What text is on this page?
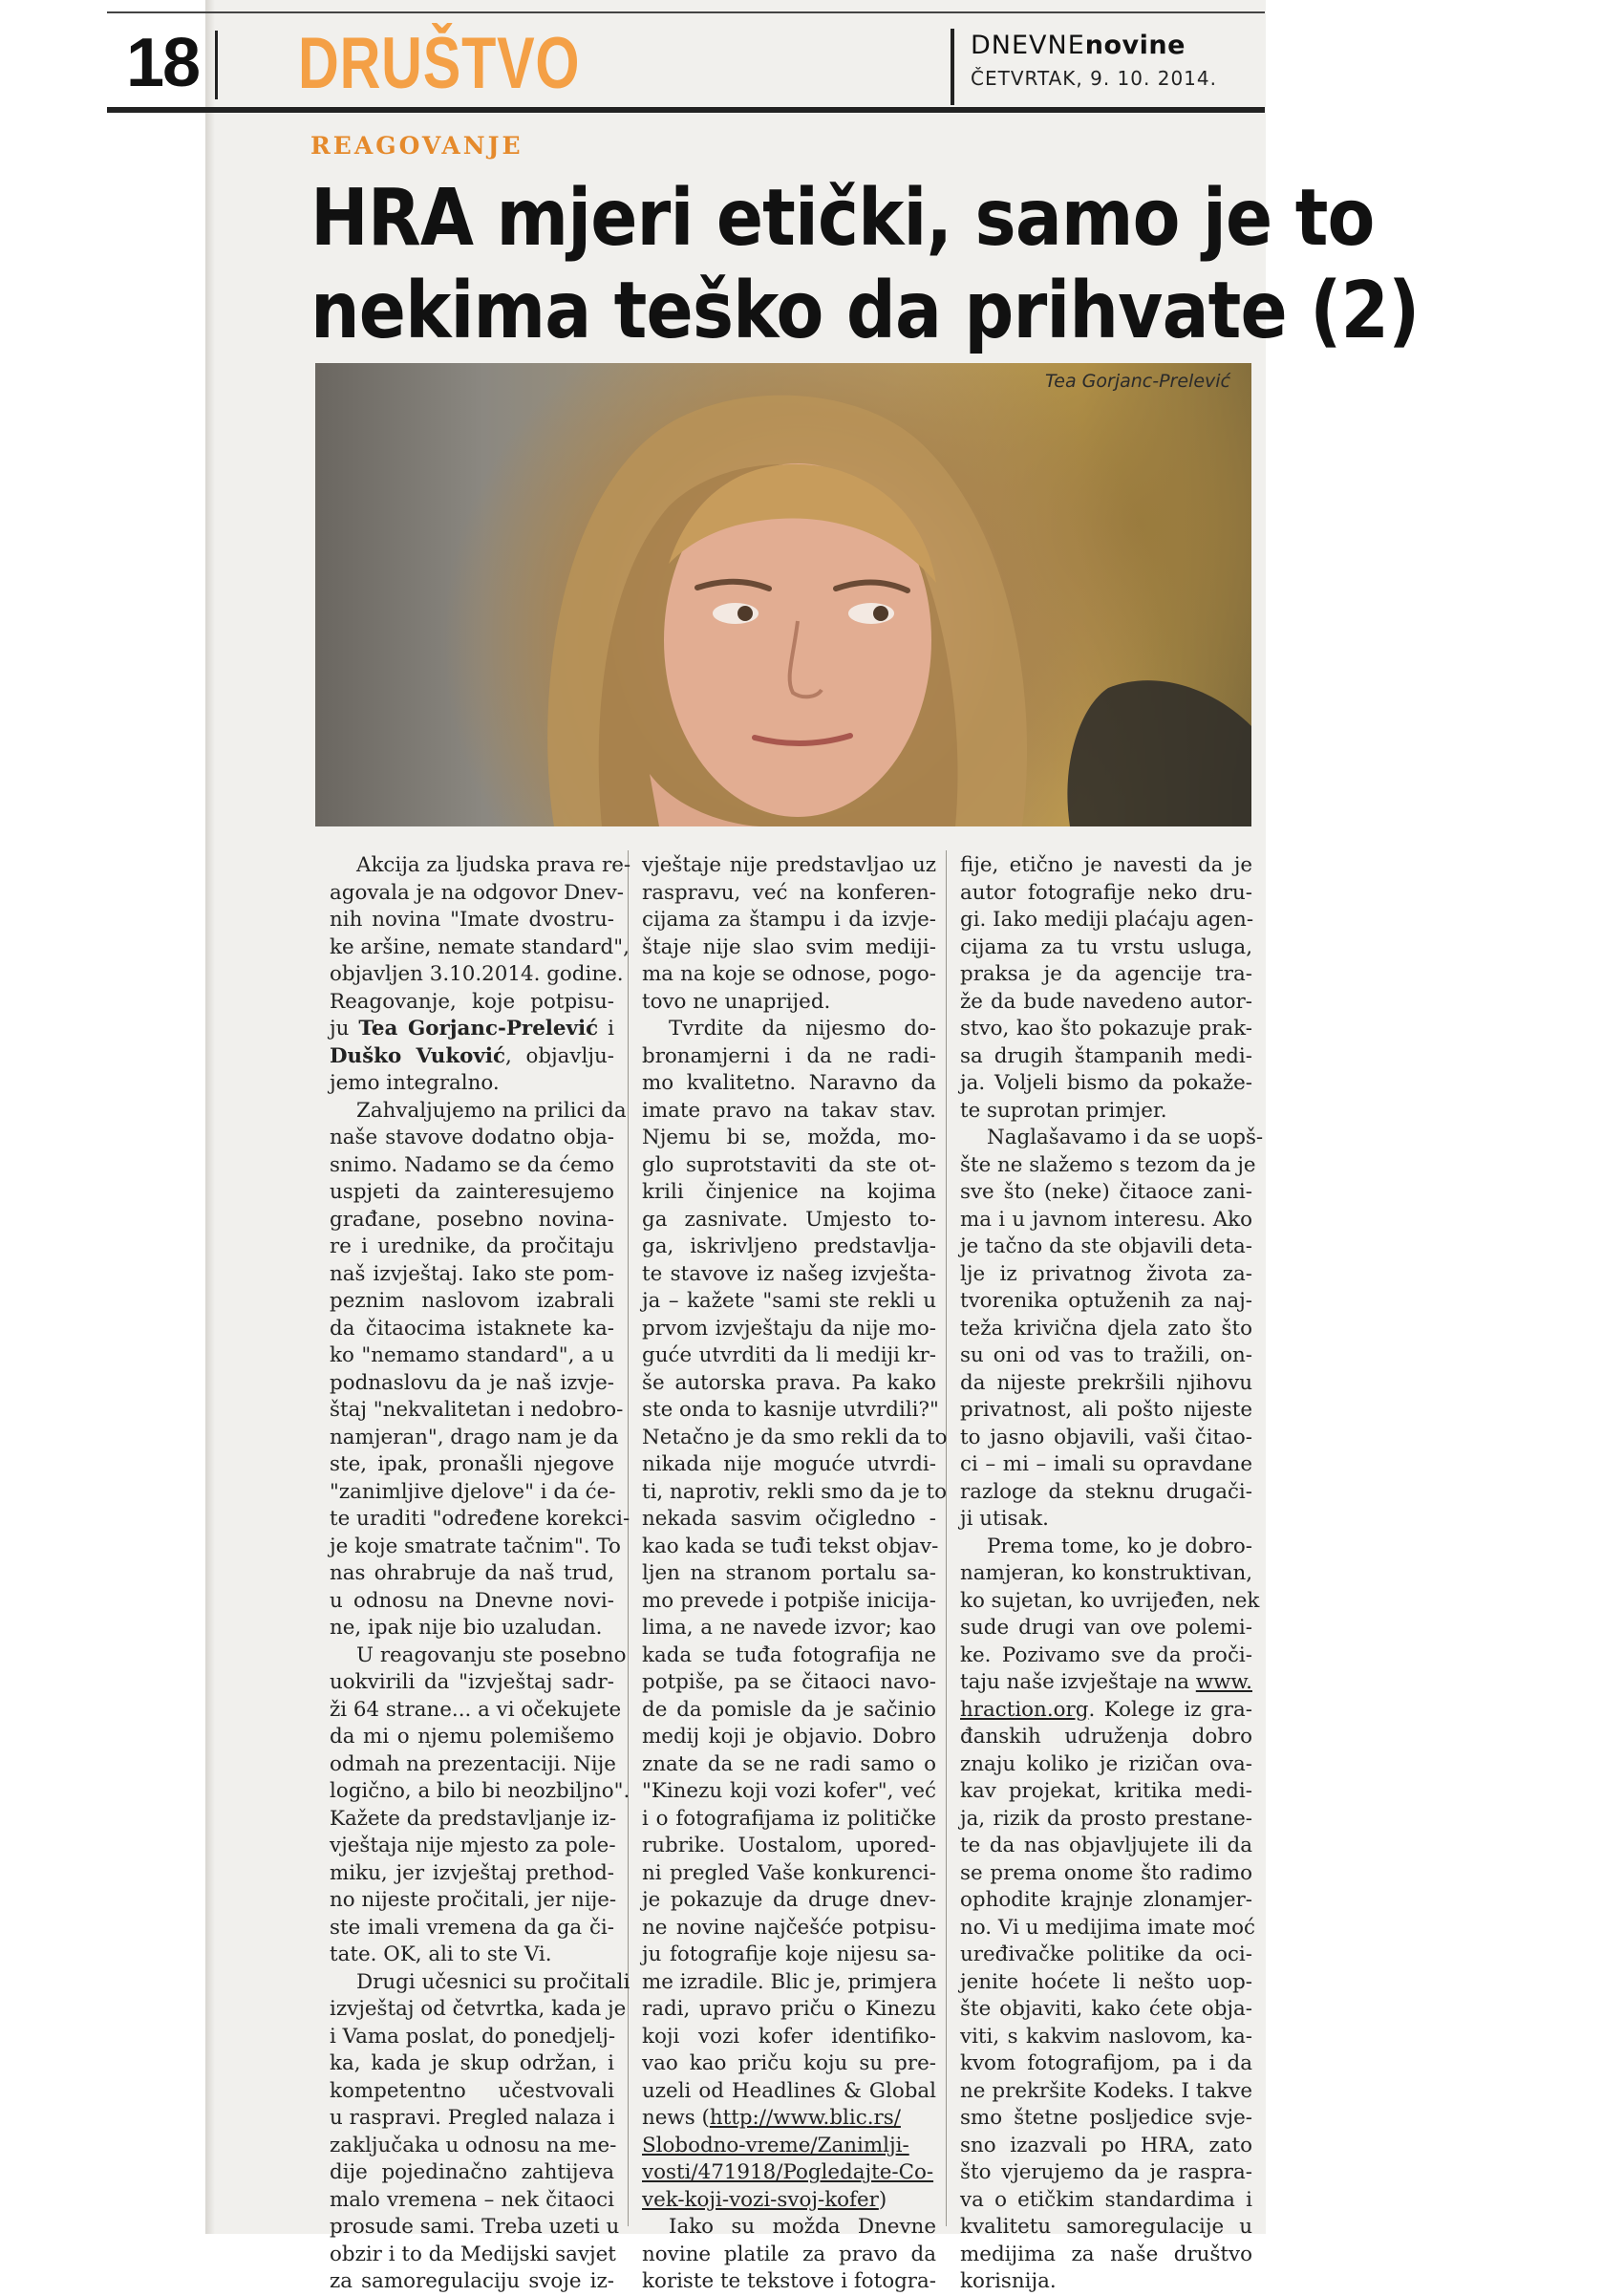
18 DRUŠTVO	DNEVNEnovine
ČETVRTAK, 9. 10. 2014.
REAGOVANJE
HRA mjeri etički, samo je to
nekima teško da prihvate (2)
Tea Gorjanc-Prelević
Akcija za ljudska prava re-
agovala je na odgovor Dnev-
nih novina "Imate dvostru-
ke aršine, nemate standard",
objavljen 3.10.2014. godine.
Reagovanje, koje potpisu-
ju Tea Gorjanc-Prelević i
Duško Vuković, objavlju-
jemo integralno.
Zahvaljujemo na prilici da
naše stavove dodatno obja-
snimo. Nadamo se da ćemo
uspjeti da zainteresujemo
građane, posebno novinа-
re i urednike, da pročitaju
naš izvještaj. Iako ste pom-
peznim naslovom izabrali
da čitaocima istaknete ka-
ko "nemamo standard", a u
podnaslovu da je naš izvje-
štaj "nekvalitetan i nedobro-
namjeran", drago nam je da
ste, ipak, pronašli njegove
"zanimljive djelove" i da će-
te uraditi "određene korekci-
je koje smatrate tačnim". To
nas ohrabruje da naš trud,
u odnosu na Dnevne novi-
ne, ipak nije bio uzaludan.
U reagovanju ste posebno
uokvirili da "izvještaj sadr-
ži 64 strane... a vi očekujete
da mi o njemu polemišemo
odmah na prezentaciji. Nije
logično, a bilo bi neozbiljno".
Kažete da predstavljanje iz-
vještaja nije mjesto za pole-
miku, jer izvještaj prethod-
no nijeste pročitali, jer nije-
ste imali vremena da ga či-
tate. OK, ali to ste Vi.
Drugi učesnici su pročitali
izvještaj od četvrtka, kada je
i Vama poslat, do ponedjelj-
ka, kada je skup održan, i
kompetentno učestvovali
u raspravi. Pregled nalaza i
zaključaka u odnosu na me-
dije pojedinačno zahtijeva
malo vremena – nek čitaoci
prosude sami. Treba uzeti u
obzir i to da Medijski savjet
za samoregulaciju svoje iz-
vještaje nije predstavljao uz
raspravu, već na konferen-
cijama za štampu i da izvje-
štaje nije slao svim mediji-
ma na koje se odnose, pogo-
tovo ne unaprijed.
Tvrdite da nijesmo do-
bronamjerni i da ne radi-
mo kvalitetno. Naravno da
imate pravo na takav stav.
Njemu bi se, možda, mo-
glo suprotstaviti da ste ot-
krili činjenice na kojima
ga zasnivate. Umjesto to-
ga, iskrivljeno predstavlja-
te stavove iz našeg izvještа-
ja – kažete "sami ste rekli u
prvom izvještaju da nije mo-
guće utvrditi da li mediji kr-
še autorska prava. Pa kako
ste onda to kasnije utvrdili?"
Netačno je da smo rekli da to
nikada nije moguće utvrdi-
ti, naprotiv, rekli smo da je to
nekada sasvim očigledno -
kao kada se tuđi tekst objav-
ljen na stranom portalu sa-
mo prevede i potpiše inicija-
lima, a ne navede izvor; kao
kada se tuđa fotografija ne
potpiše, pa se čitaoci navo-
de da pomisle da je sačinio
medij koji je objavio. Dobro
znate da se ne radi samo o
"Kinezu koji vozi kofer", već
i o fotografijama iz političke
rubrike. Uostalom, upored-
ni pregled Vaše konkurenci-
je pokazuje da druge dnev-
ne novine najčešće potpisu-
ju fotografije koje nijesu sa-
me izradile. Blic je, primjera
radi, upravo priču o Kinezu
koji vozi kofer identifiko-
vao kao priču koju su pre-
uzeli od Headlines & Global
news (http://www.blic.rs/
Slobodno-vreme/Zanimlji-
vosti/471918/Pogledajte-Co-
vek-koji-vozi-svoj-kofer)
Iako su možda Dnevne
novine platile za pravo da
koriste te tekstove i fotogra-
fije, etično je navesti da je
autor fotografije neko dru-
gi. Iako mediji plaćaju agen-
cijama za tu vrstu usluga,
praksa je da agencije tra-
že da bude navedeno autor-
stvo, kao što pokazuje prak-
sa drugih štampanih medi-
ja. Voljeli bismo da pokaže-
te suprotan primjer.
Naglašavamo i da se uopš-
šte ne slažemo s tezom da je
sve što (neke) čitaoce zani-
ma i u javnom interesu. Ako
je tačno da ste objavili deta-
lje iz privatnog života za-
tvorenika optuženih za naj-
teža krivična djela zato što
su oni od vas to tražili, on-
da nijeste prekršili njihovu
privatnost, ali pošto nijeste
to jasno objavili, vaši čitao-
ci – mi – imali su opravdane
razloge da steknu drugači-
ji utisak.
Prema tome, ko je dobro-
namjeran, ko konstruktivan,
ko sujetan, ko uvrijeđen, nek
sude drugi van ove polemi-
ke. Pozivamo sve da pročі-
taju naše izvještaje na www.
hraction.org. Kolege iz gra-
đanskih udruženja dobro
znaju koliko je rizičan ova-
kav projekat, kritika medi-
ja, rizik da prosto prestane-
te da nas objavljujete ili da
se prema onome što radimo
ophodite krajnje zlonamjer-
no. Vi u medijima imate moć
uređivačke politike da oci-
jenite hoćete li nešto uop-
šte objaviti, kako ćete obja-
viti, s kakvim naslovom, ka-
kvom fotografijom, pa i da
ne prekršite Kodeks. I takve
smo štetne posljedice svje-
sno izazvali po HRA, zato
što vjerujemo da je raspra-
va o etičkim standardima i
kvalitetu samoregulacije u
medijima za naše društvo
korisnija.
